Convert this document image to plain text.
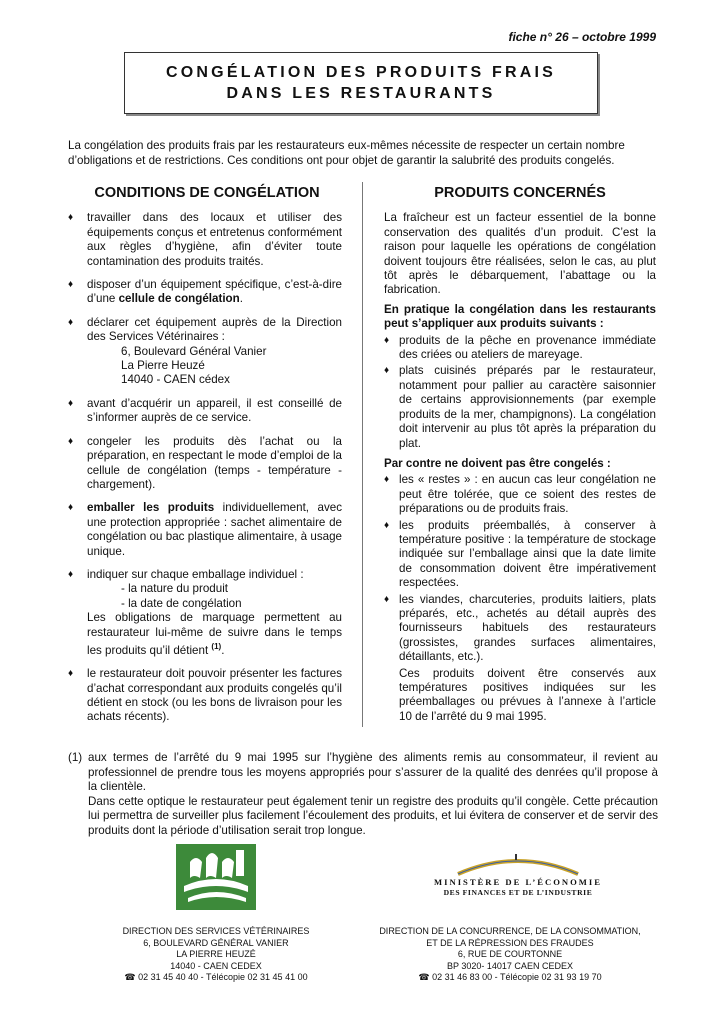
fiche n° 26 – octobre 1999
CONGÉLATION DES PRODUITS FRAIS
DANS LES RESTAURANTS
La congélation des produits frais par les restaurateurs eux-mêmes nécessite de respecter un certain nombre d’obligations et de restrictions. Ces conditions ont pour objet de garantir la salubrité des produits congelés.
CONDITIONS DE CONGÉLATION
♦ travailler dans des locaux et utiliser des équipements conçus et entretenus conformément aux règles d’hygiène, afin d’éviter toute contamination des produits traités.
♦ disposer d’un équipement spécifique, c’est-à-dire d’une cellule de congélation.
♦ déclarer cet équipement auprès de la Direction des Services Vétérinaires :
6, Boulevard Général Vanier
La Pierre Heuzé
14040 - CAEN cédex
♦ avant d’acquérir un appareil, il est conseillé de s’informer auprès de ce service.
♦ congeler les produits dès l’achat ou la préparation, en respectant le mode d’emploi de la cellule de congélation (temps - température - chargement).
♦ emballer les produits individuellement, avec une protection appropriée : sachet alimentaire de congélation ou bac plastique alimentaire, à usage unique.
♦ indiquer sur chaque emballage individuel :
- la nature du produit
- la date de congélation
Les obligations de marquage permettent au restaurateur lui-même de suivre dans le temps les produits qu’il détient $^{(1)}$.
♦ le restaurateur doit pouvoir présenter les factures d’achat correspondant aux produits congelés qu’il détient en stock (ou les bons de livraison pour les achats récents).
PRODUITS CONCERNÉS
La fraîcheur est un facteur essentiel de la bonne conservation des qualités d’un produit. C’est la raison pour laquelle les opérations de congélation doivent toujours être réalisées, selon le cas, au plut tôt après le débarquement, l’abattage ou la fabrication.
En pratique la congélation dans les restaurants peut s’appliquer aux produits suivants :
♦ produits de la pêche en provenance immédiate des criées ou ateliers de mareyage.
♦ plats cuisinés préparés par le restaurateur, notamment pour pallier au caractère saisonnier de certains approvisionnements (par exemple produits de la mer, champignons). La congélation doit intervenir au plus tôt après la préparation du plat.
Par contre ne doivent pas être congelés :
♦ les « restes » : en aucun cas leur congélation ne peut être tolérée, que ce soient des restes de préparations ou de produits frais.
♦ les produits préemballés, à conserver à température positive : la température de stockage indiquée sur l’emballage ainsi que la date limite de consommation doivent être impérativement respectées.
♦ les viandes, charcuteries, produits laitiers, plats préparés, etc., achetés au détail auprès des fournisseurs habituels des restaurateurs (grossistes, grandes surfaces alimentaires, détaillants, etc.).
Ces produits doivent être conservés aux températures positives indiquées sur les préemballages ou prévues à l’annexe à l’article 10 de l’arrêté du 9 mai 1995.
(1) aux termes de l’arrêté du 9 mai 1995 sur l’hygiène des aliments remis au consommateur, il revient au professionnel de prendre tous les moyens appropriés pour s’assurer de la qualité des denrées qu’il propose à la clientèle.
Dans cette optique le restaurateur peut également tenir un registre des produits qu’il congèle. Cette précaution lui permettra de surveiller plus facilement l’écoulement des produits, et lui évitera de conserver et de servir des produits dont la période d’utilisation serait trop longue.
MINISTÈRE DE L’ÉCONOMIE
DES FINANCES ET DE L’INDUSTRIE
DIRECTION DES SERVICES VÉTÉRINAIRES
6, BOULEVARD GÉNÉRAL VANIER
LA PIERRE HEUZÉ
14040 - CAEN CEDEX
☎ 02 31 45 40 40 - Télécopie 02 31 45 41 00
DIRECTION DE LA CONCURRENCE, DE LA CONSOMMATION,
ET DE LA RÉPRESSION DES FRAUDES
6, RUE DE COURTONNE
BP 3020- 14017 CAEN CEDEX
☎ 02 31 46 83 00 - Télécopie 02 31 93 19 70
